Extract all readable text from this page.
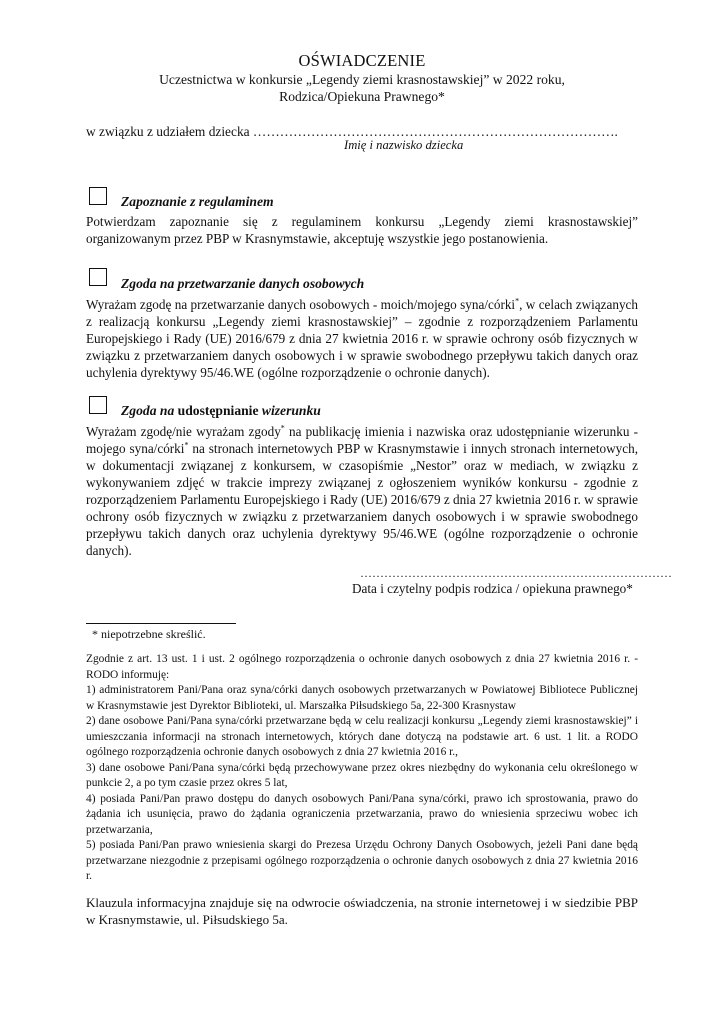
OŚWIADCZENIE
Uczestnictwa w konkursie „Legendy ziemi krasnostawskiej” w 2022 roku,
Rodzica/Opiekuna Prawnego*
w związku z udziałem dziecka ……………………………………………………………………….
Imię i nazwisko dziecka
Zapoznanie z regulaminem
Potwierdzam zapoznanie się z regulaminem konkursu „Legendy ziemi krasnostawskiej” organizowanym przez PBP w Krasnymstawie, akceptuję wszystkie jego postanowienia.
Zgoda na przetwarzanie danych osobowych
Wyrażam zgodę na przetwarzanie danych osobowych - moich/mojego syna/córki*, w celach związanych z realizacją konkursu „Legendy ziemi krasnostawskiej” – zgodnie z rozporządzeniem Parlamentu Europejskiego i Rady (UE) 2016/679 z dnia 27 kwietnia 2016 r. w sprawie ochrony osób fizycznych w związku z przetwarzaniem danych osobowych i w sprawie swobodnego przepływu takich danych oraz uchylenia dyrektywy 95/46.WE (ogólne rozporządzenie o ochronie danych).
Zgoda na udostępnianie wizerunku
Wyrażam zgodę/nie wyrażam zgody* na publikację imienia i nazwiska oraz udostępnianie wizerunku - mojego syna/córki* na stronach internetowych PBP w Krasnymstawie i innych stronach internetowych, w dokumentacji związanej z konkursem, w czasopiśmie „Nestor” oraz w mediach, w związku z wykonywaniem zdjęć w trakcie imprezy związanej z ogłoszeniem wyników konkursu - zgodnie z rozporządzeniem Parlamentu Europejskiego i Rady (UE) 2016/679 z dnia 27 kwietnia 2016 r. w sprawie ochrony osób fizycznych w związku z przetwarzaniem danych osobowych i w sprawie swobodnego przepływu takich danych oraz uchylenia dyrektywy 95/46.WE (ogólne rozporządzenie o ochronie danych).
……………………………………………………………………
Data i czytelny podpis rodzica / opiekuna prawnego*
* niepotrzebne skreślić.

Zgodnie z art. 13 ust. 1 i ust. 2 ogólnego rozporządzenia o ochronie danych osobowych z dnia 27 kwietnia 2016 r. - RODO informuję:

1) administratorem Pani/Pana oraz syna/córki danych osobowych przetwarzanych w Powiatowej Bibliotece Publicznej w Krasnymstawie jest Dyrektor Biblioteki, ul. Marszałka Piłsudskiego 5a, 22-300 Krasnystaw

2) dane osobowe Pani/Pana syna/córki przetwarzane będą w celu realizacji konkursu „Legendy ziemi krasnostawskiej” i umieszczania informacji na stronach internetowych, których dane dotyczą na podstawie art. 6 ust. 1 lit. a RODO ogólnego rozporządzenia ochronie danych osobowych z dnia 27 kwietnia 2016 r.,

3) dane osobowe Pani/Pana syna/córki będą przechowywane przez okres niezbędny do wykonania celu określonego w punkcie 2, a po tym czasie przez okres 5 lat,

4) posiada Pani/Pan prawo dostępu do danych osobowych Pani/Pana syna/córki, prawo ich sprostowania, prawo do żądania ich usunięcia, prawo do żądania ograniczenia przetwarzania, prawo do wniesienia sprzeciwu wobec ich przetwarzania,

5) posiada Pani/Pan prawo wniesienia skargi do Prezesa Urzędu Ochrony Danych Osobowych, jeżeli Pani dane będą przetwarzane niezgodnie z przepisami ogólnego rozporządzenia o ochronie danych osobowych z dnia 27 kwietnia 2016 r.

Klauzula informacyjna znajduje się na odwrocie oświadczenia, na stronie internetowej i w siedzibie PBP w Krasnymstawie, ul. Piłsudskiego 5a.
